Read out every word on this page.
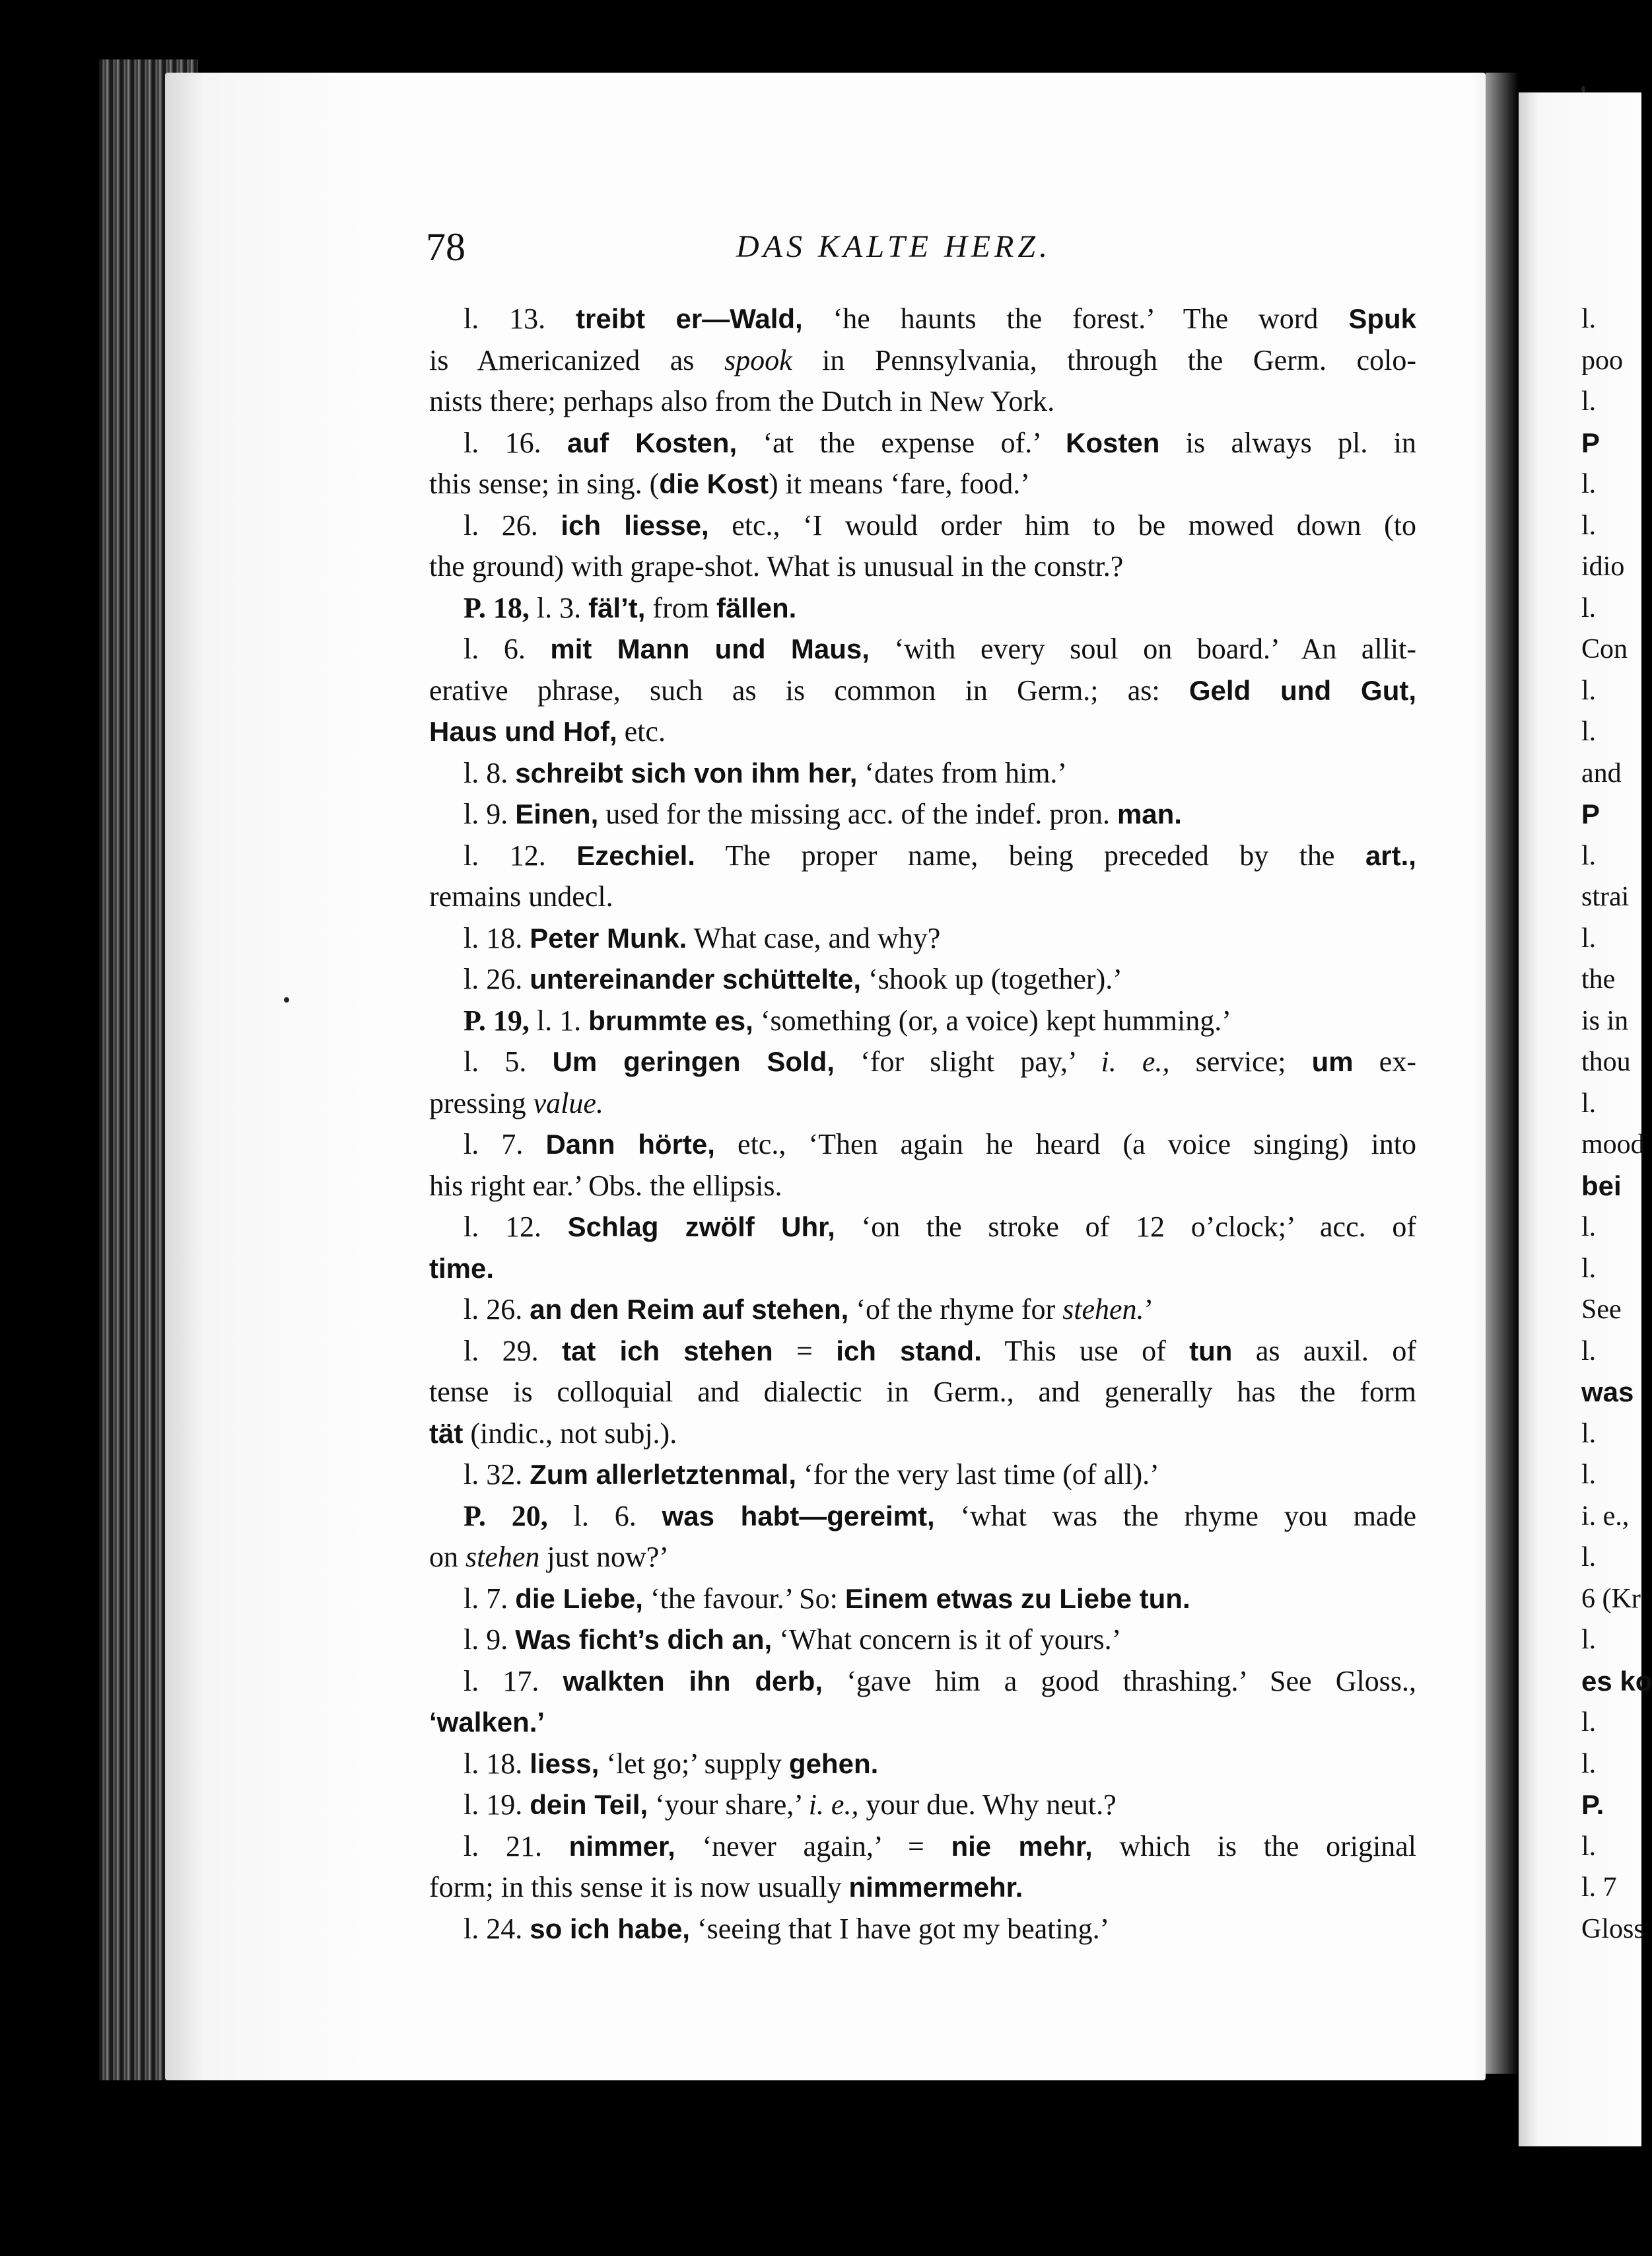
78	DAS KALTE HERZ.
l. 13. treibt er—Wald, ‘he haunts the forest.’ The word Spuk
is Americanized as spook in Pennsylvania, through the Germ. colo-
nists there; perhaps also from the Dutch in New York.
l. 16. auf Kosten, ‘at the expense of.’ Kosten is always pl. in
this sense; in sing. (die Kost) it means ‘fare, food.’
l. 26. ich liesse, etc., ‘I would order him to be mowed down (to
the ground) with grape-shot. What is unusual in the constr.?
P. 18, l. 3. fäl’t, from fällen.
l. 6. mit Mann und Maus, ‘with every soul on board.’ An allit-
erative phrase, such as is common in Germ.; as: Geld und Gut,
Haus und Hof, etc.
l. 8. schreibt sich von ihm her, ‘dates from him.’
l. 9. Einen, used for the missing acc. of the indef. pron. man.
l. 12. Ezechiel. The proper name, being preceded by the art.,
remains undecl.
l. 18. Peter Munk. What case, and why?
l. 26. untereinander schüttelte, ‘shook up (together).’
P. 19, l. 1. brummte es, ‘something (or, a voice) kept humming.’
l. 5. Um geringen Sold, ‘for slight pay,’ i. e., service; um ex-
pressing value.
l. 7. Dann hörte, etc., ‘Then again he heard (a voice singing) into
his right ear.’ Obs. the ellipsis.
l. 12. Schlag zwölf Uhr, ‘on the stroke of 12 o’clock;’ acc. of
time.
l. 26. an den Reim auf stehen, ‘of the rhyme for stehen.’
l. 29. tat ich stehen = ich stand. This use of tun as auxil. of
tense is colloquial and dialectic in Germ., and generally has the form
tät (indic., not subj.).
l. 32. Zum allerletztenmal, ‘for the very last time (of all).’
P. 20, l. 6. was habt—gereimt, ‘what was the rhyme you made
on stehen just now?’
l. 7. die Liebe, ‘the favour.’ So: Einem etwas zu Liebe tun.
l. 9. Was ficht’s dich an, ‘What concern is it of yours.’
l. 17. walkten ihn derb, ‘gave him a good thrashing.’ See Gloss.,
‘walken.’
l. 18. liess, ‘let go;’ supply gehen.
l. 19. dein Teil, ‘your share,’ i. e., your due. Why neut.?
l. 21. nimmer, ‘never again,’ = nie mehr, which is the original
form; in this sense it is now usually nimmermehr.
l. 24. so ich habe, ‘seeing that I have got my beating.’
l.
poo
l.
P
l.
l.
idio
l.
Con
l.
l.
and
P
l.
strai
l.
the
is in
thou
l.
mood
bei
l.
l.
See
l.
was
l.
l.
i. e.,
l.
6 (Kr
l.
es ko
l.
l.
P.
l.
l. 7
Gloss
